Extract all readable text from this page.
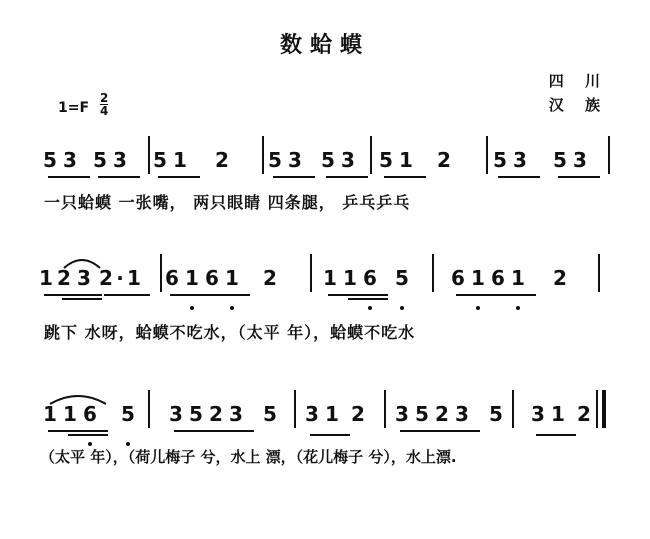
数蛤蟆
四 川
汉 族
$1=F \frac{2}{4}$
5 3 5 3 5 1 2 5 3 5 3 5 1 2 5 3 5 3
1 2 3 2 · 1 6 1 6 1 2 1 1 6 5 6 1 6 1 2
1 1 6 5 3 5 2 3 5 3 1 2 3 5 2 3 5 3 1 2
一只蛤蟆 一张嘴， 两只眼睛 四条腿， 乒乓乒乓
跳下 水呀，蛤蟆不吃水，（太平 年），蛤蟆不吃水
（太平 年），（荷儿梅子 兮，水上 漂，（花儿梅子 兮），水上漂.
